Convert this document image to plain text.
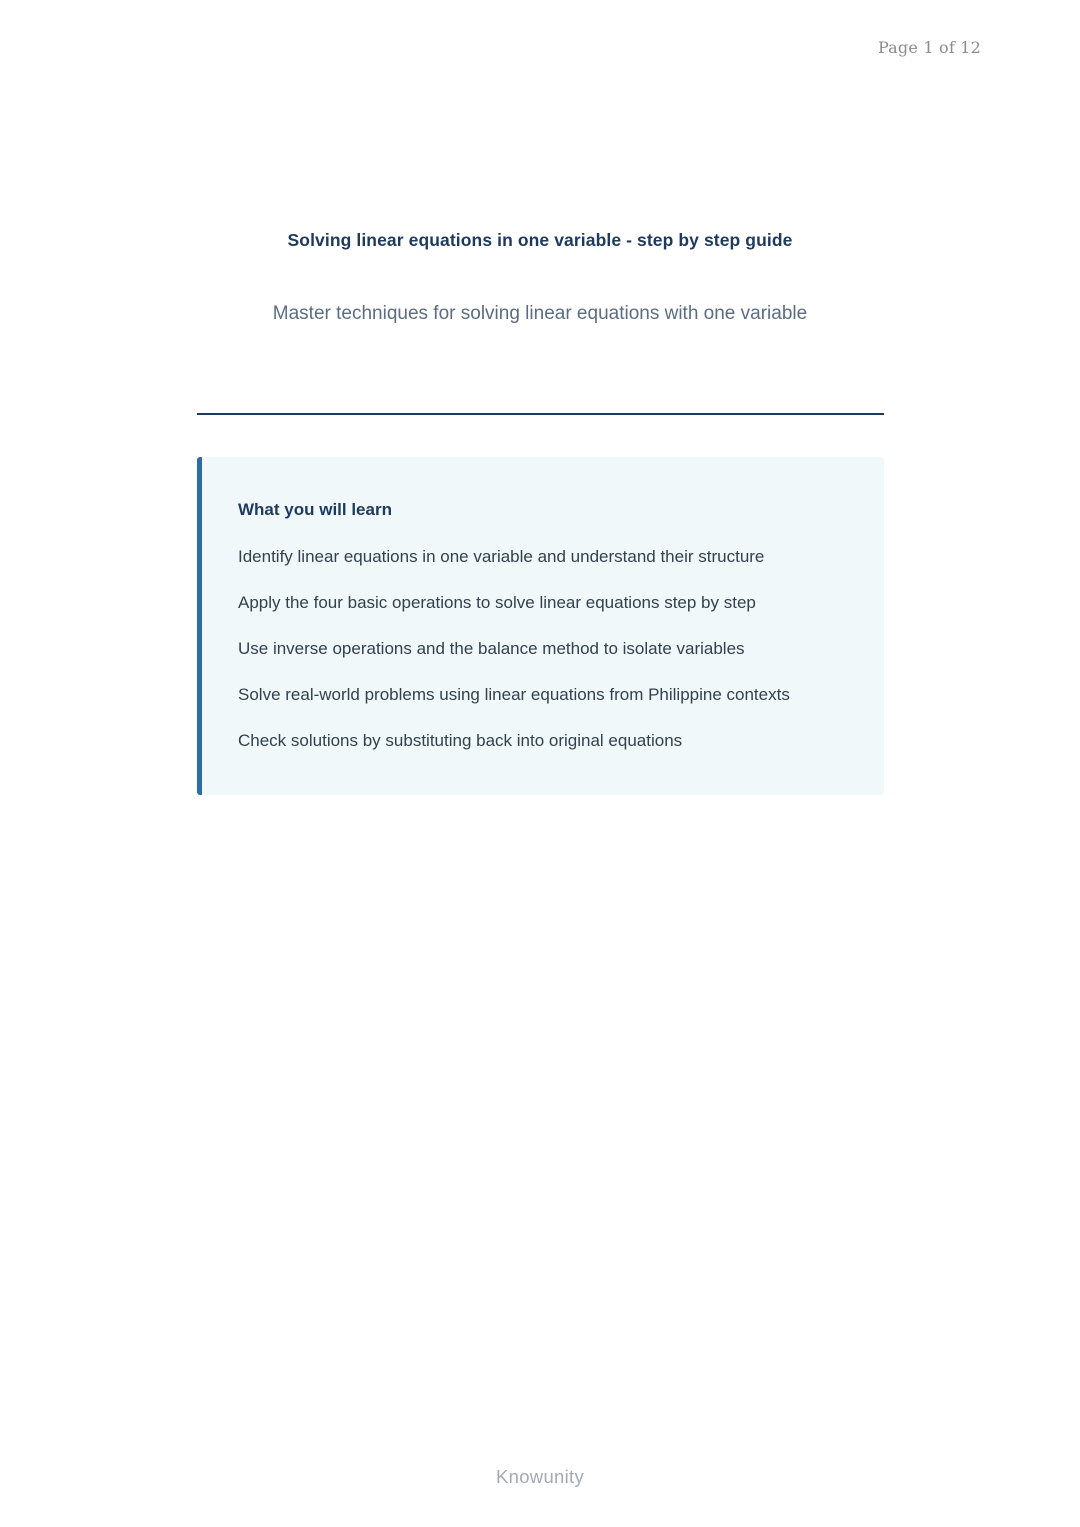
Page 1 of 12
Solving linear equations in one variable - step by step guide
Master techniques for solving linear equations with one variable
What you will learn
Identify linear equations in one variable and understand their structure
Apply the four basic operations to solve linear equations step by step
Use inverse operations and the balance method to isolate variables
Solve real-world problems using linear equations from Philippine contexts
Check solutions by substituting back into original equations
Knowunity
